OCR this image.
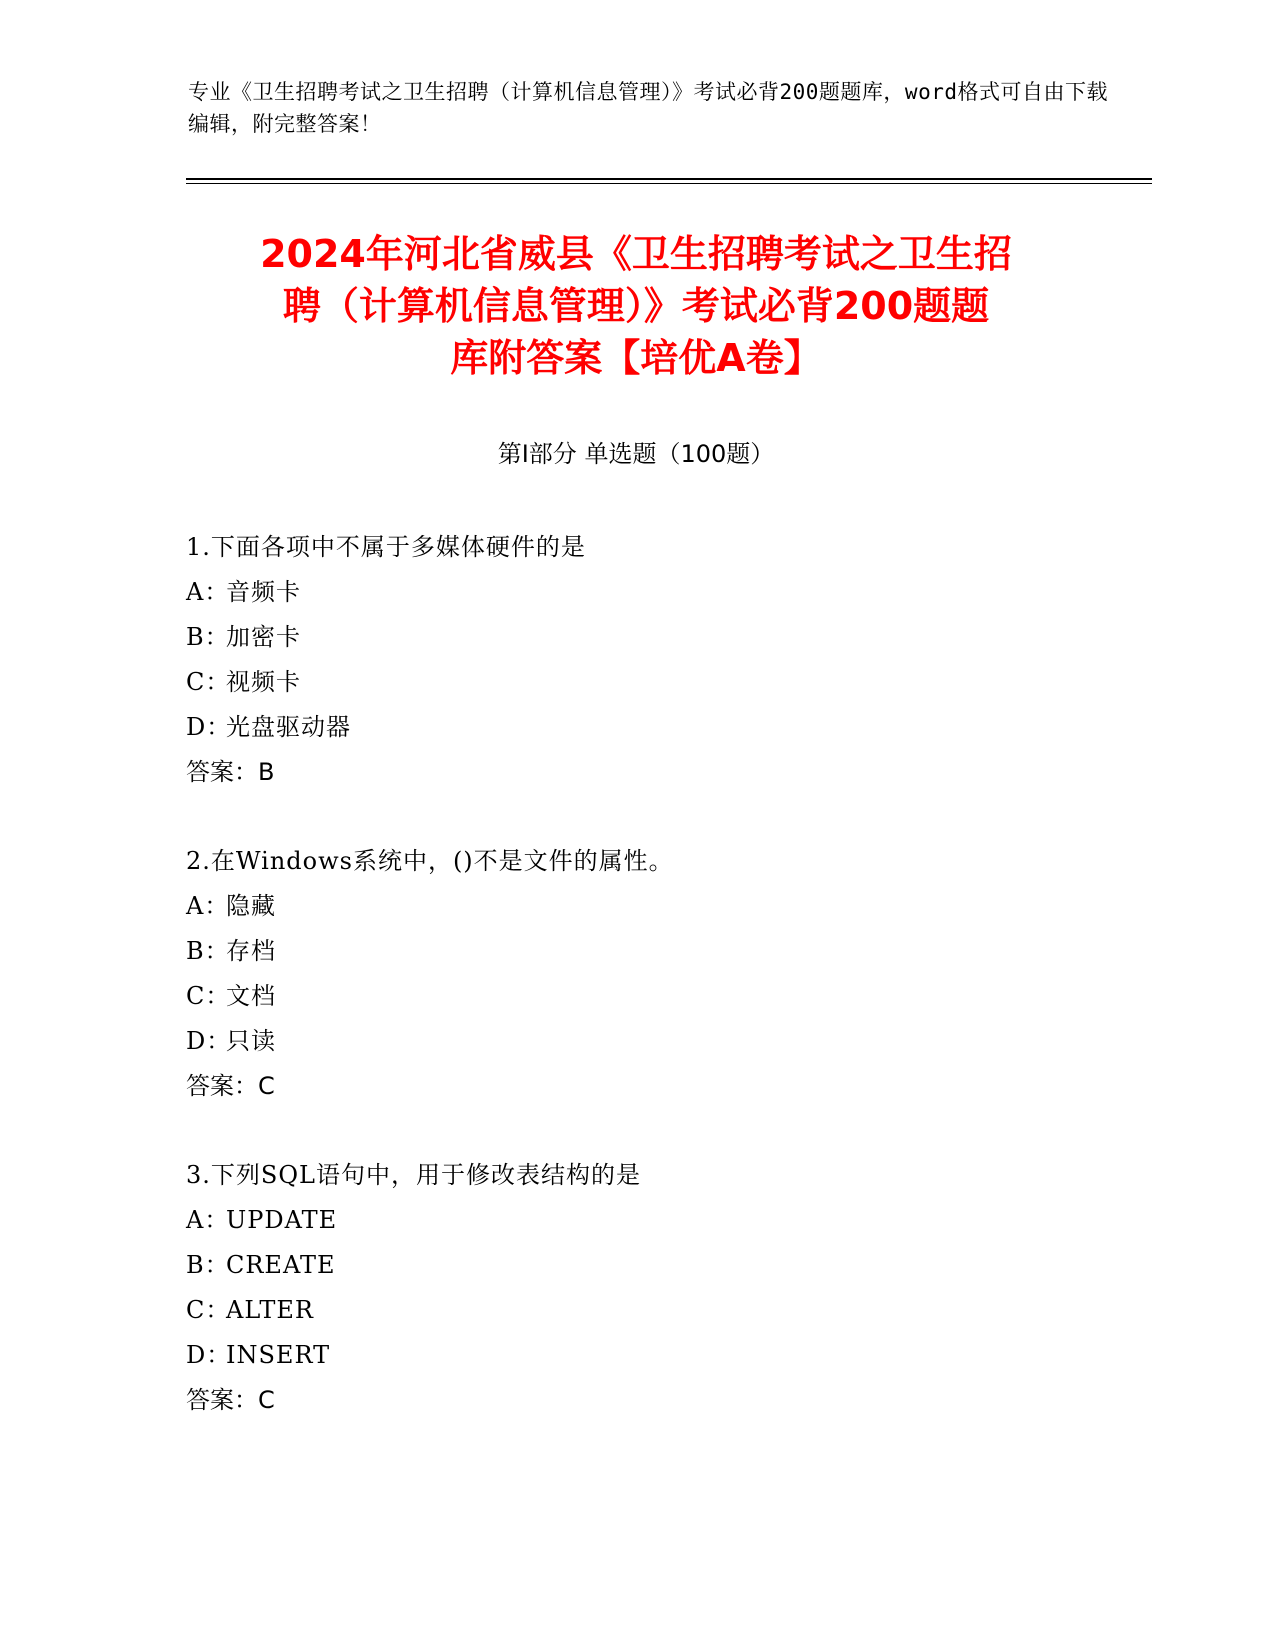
专业《卫生招聘考试之卫生招聘（计算机信息管理）》考试必背200题题库，word格式可自由下载编辑，附完整答案！
2024年河北省威县《卫生招聘考试之卫生招
聘（计算机信息管理）》考试必背200题题
库附答案【培优A卷】
第Ⅰ部分 单选题（100题）
1.下面各项中不属于多媒体硬件的是
A：音频卡
B：加密卡
C：视频卡
D：光盘驱动器
答案：B
2.在Windows系统中，()不是文件的属性。
A：隐藏
B：存档
C：文档
D：只读
答案：C
3.下列SQL语句中，用于修改表结构的是
A：UPDATE
B：CREATE
C：ALTER
D：INSERT
答案：C
